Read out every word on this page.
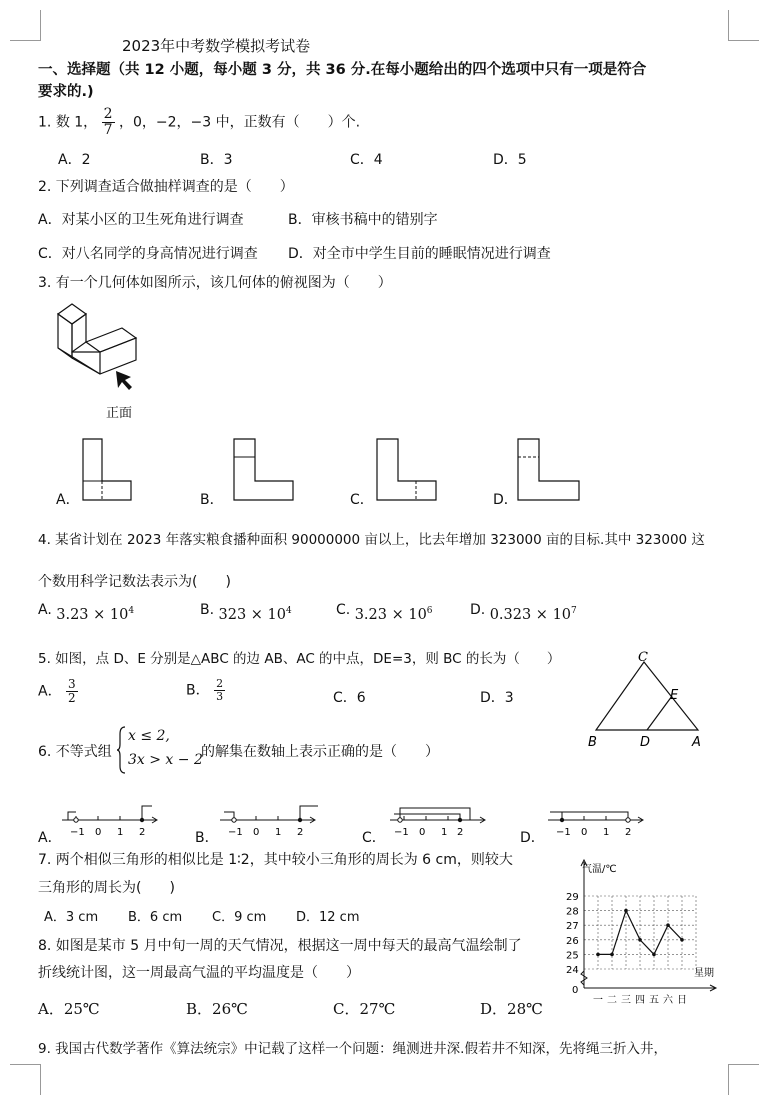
2023年中考数学模拟考试卷
一、选择题（共 12 小题，每小题 3 分，共 36 分.在每小题给出的四个选项中只有一项是符合
要求的.)
1. 数 1， $\frac{2}{7}$ ，0，−2，−3 中，正数有（　　）个.
A．2	B．3	C．4	D．5
2. 下列调查适合做抽样调查的是（　　）
A．对某小区的卫生死角进行调查	B．审核书稿中的错别字
C．对八名同学的身高情况进行调查 D．对全市中学生目前的睡眠情况进行调查
3. 有一个几何体如图所示，该几何体的俯视图为（　　）
正面
A．	B．	C．	D．
4. 某省计划在 2023 年落实粮食播种面积 90000000 亩以上，比去年增加 323000 亩的目标.其中 323000 这
个数用科学记数法表示为(　　)
A. $3.23 \times 10^4$	B. $323 \times 10^4$	C. $3.23 \times 10^6$	D. $0.323 \times 10^7$
5. 如图，点 D、E 分别是△ABC 的边 AB、AC 的中点，DE=3，则 BC 的长为（　　）
A． $\frac{3}{2}$	B． $\frac{2}{3}$	C．6	D．3
C
E
B	D	A
6. 不等式组
x ≤ 2,
3x > x − 2
的解集在数轴上表示正确的是（　　）
A． −1 0 1 2	B． −1 0 1 2	C． −1 0 1 2	D． −1 0 1 2
7. 两个相似三角形的相似比是 1∶2，其中较小三角形的周长为 6 cm，则较大
三角形的周长为(　　)
A．3 cm B．6 cm C．9 cm D．12 cm
8. 如图是某市 5 月中旬一周的天气情况，根据这一周中每天的最高气温绘制了
折线统计图，这一周最高气温的平均温度是（　　）
A．25℃	B．26℃	C．27℃	D．28℃
24
25
26
27
28
29
0
气温/℃
星期
一 二 三 四 五 六 日
9. 我国古代数学著作《算法统宗》中记载了这样一个问题：绳测进井深.假若井不知深，先将绳三折入井，
